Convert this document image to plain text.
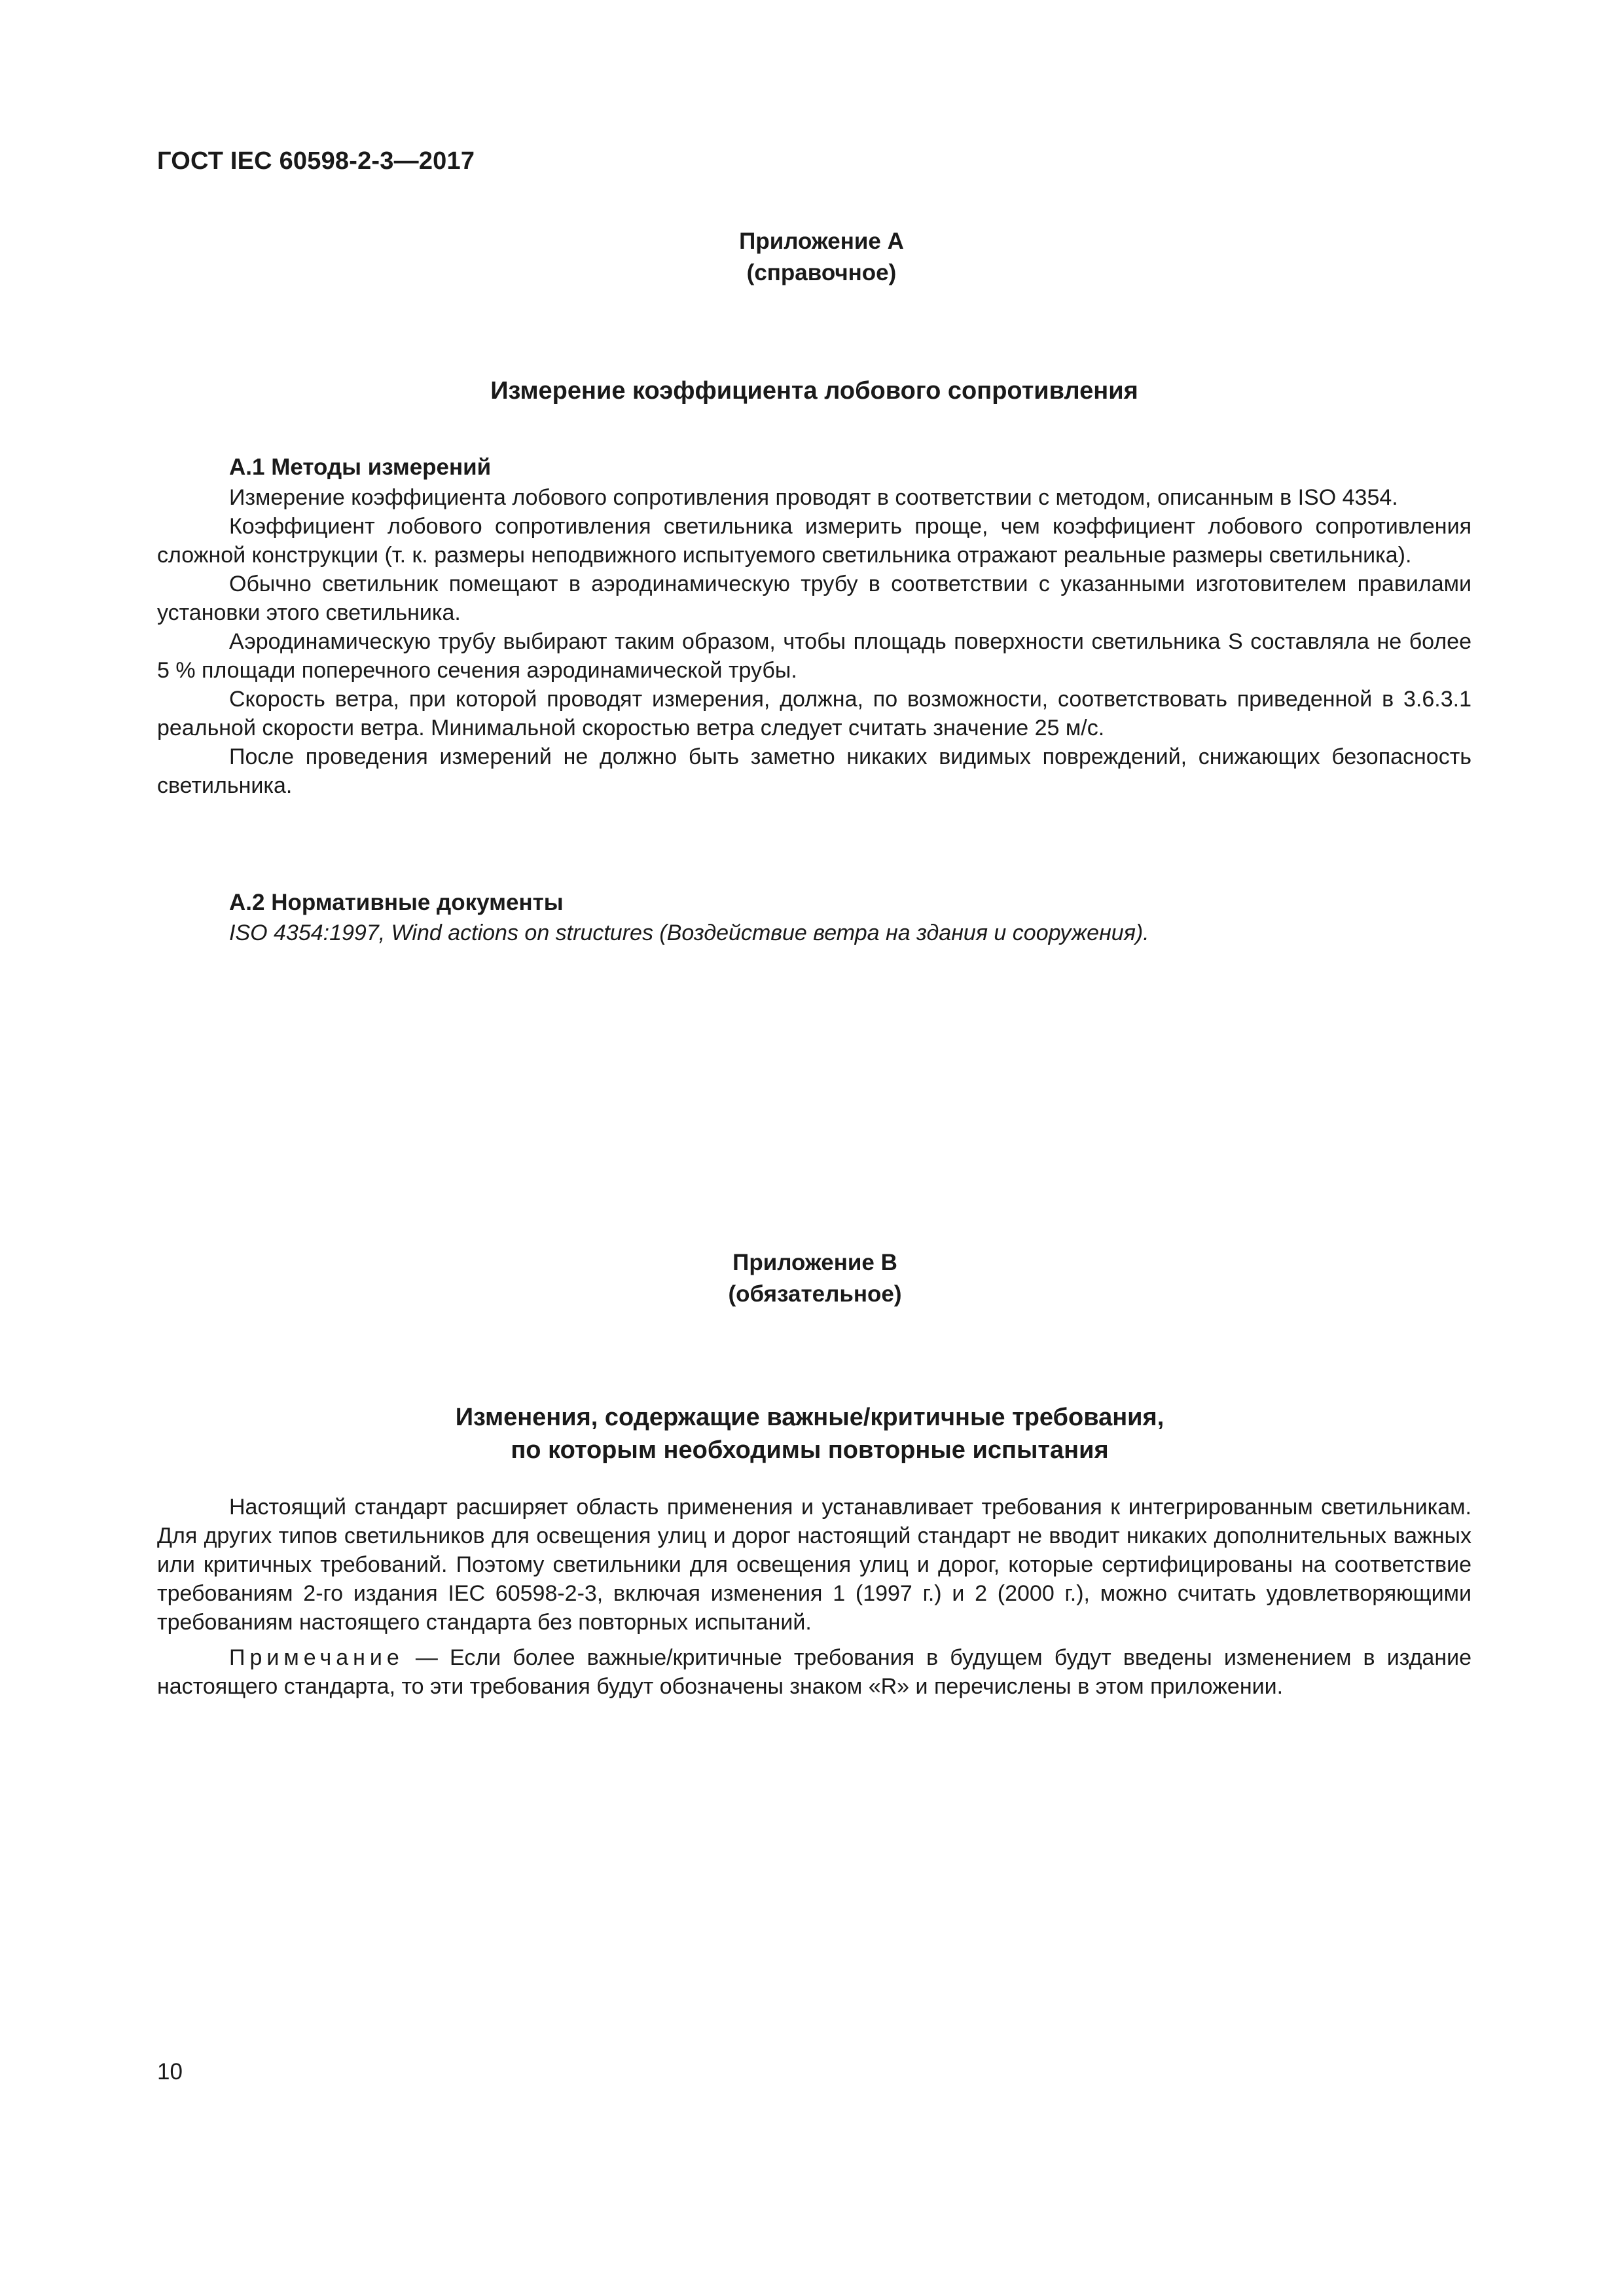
ГОСТ IEC 60598-2-3—2017
Приложение А
(справочное)
Измерение коэффициента лобового сопротивления
А.1 Методы измерений

Измерение коэффициента лобового сопротивления проводят в соответствии с методом, описанным в ISO 4354.

Коэффициент лобового сопротивления светильника измерить проще, чем коэффициент лобового сопротивления сложной конструкции (т. к. размеры неподвижного испытуемого светильника отражают реальные размеры светильника).

Обычно светильник помещают в аэродинамическую трубу в соответствии с указанными изготовителем правилами установки этого светильника.

Аэродинамическую трубу выбирают таким образом, чтобы площадь поверхности светильника S составляла не более 5 % площади поперечного сечения аэродинамической трубы.

Скорость ветра, при которой проводят измерения, должна, по возможности, соответствовать приведенной в 3.6.3.1 реальной скорости ветра. Минимальной скоростью ветра следует считать значение 25 м/с.

После проведения измерений не должно быть заметно никаких видимых повреждений, снижающих безопасность светильника.

А.2 Нормативные документы
ISO 4354:1997, Wind actions on structures (Воздействие ветра на здания и сооружения).
Приложение В
(обязательное)
Изменения, содержащие важные/критичные требования,
по которым необходимы повторные испытания

Настоящий стандарт расширяет область применения и устанавливает требования к интегрированным светильникам. Для других типов светильников для освещения улиц и дорог настоящий стандарт не вводит никаких дополнительных важных или критичных требований. Поэтому светильники для освещения улиц и дорог, которые сертифицированы на соответствие требованиям 2-го издания IEC 60598-2-3, включая изменения 1 (1997 г.) и 2 (2000 г.), можно считать удовлетворяющими требованиям настоящего стандарта без повторных испытаний.

Примечание — Если более важные/критичные требования в будущем будут введены изменением в издание настоящего стандарта, то эти требования будут обозначены знаком «R» и перечислены в этом приложении.

10
